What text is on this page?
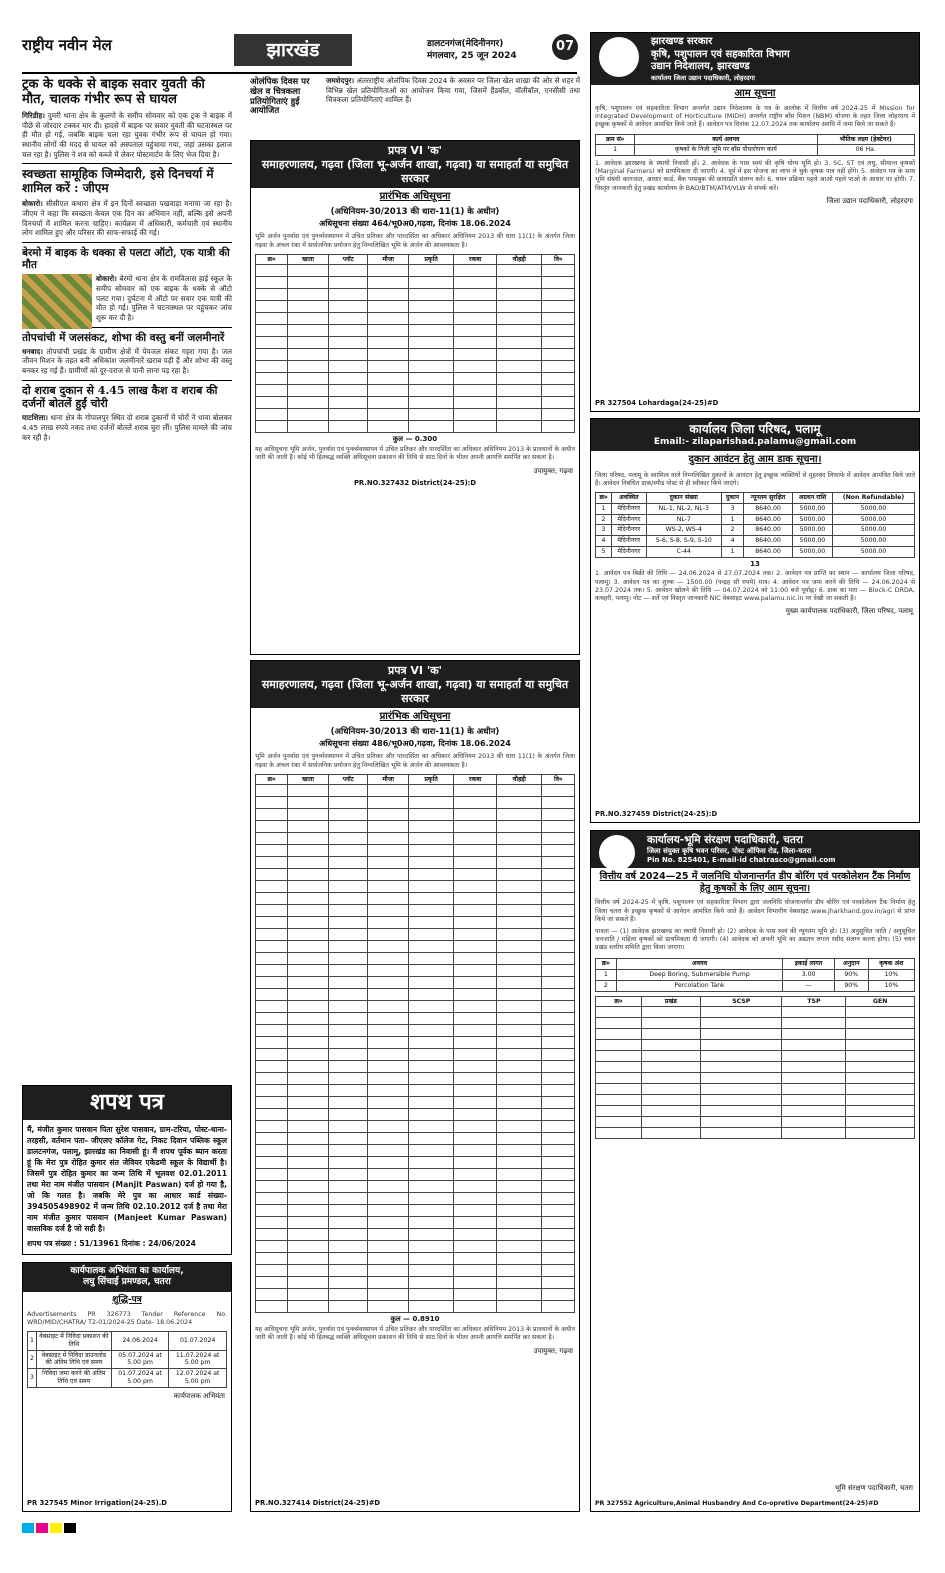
राष्ट्रीय नवीन मेल	झारखंड	डालटनगंज(मेदिनीनगर)
मंगलवार, 25 जून 2024
07
ट्रक के धक्के से बाइक सवार युवती की मौत, चालक गंभीर रूप से घायल
गिरिडीह। दुमरी थाना क्षेत्र के कुलगो के समीप सोमवार को एक ट्रक ने बाइक में पीछे से जोरदार टक्कर मार दी। हादसे में बाइक पर सवार युवती की घटनास्थल पर ही मौत हो गई, जबकि बाइक चला रहा युवक गंभीर रूप से घायल हो गया। स्थानीय लोगों की मदद से घायल को अस्पताल पहुंचाया गया, जहां उसका इलाज चल रहा है। पुलिस ने शव को कब्जे में लेकर पोस्टमार्टम के लिए भेज दिया है।
स्वच्छता सामूहिक जिम्मेदारी, इसे दिनचर्या में शामिल करें : जीएम
बोकारो। सीसीएल कथारा क्षेत्र में इन दिनों स्वच्छता पखवाड़ा मनाया जा रहा है। जीएम ने कहा कि स्वच्छता केवल एक दिन का अभियान नहीं, बल्कि इसे अपनी दिनचर्या में शामिल करना चाहिए। कार्यक्रम में अधिकारी, कर्मचारी एवं स्थानीय लोग शामिल हुए और परिसर की साफ-सफाई की गई।
बेरमो में बाइक के धक्का से पलटा ऑटो, एक यात्री की मौत
बोकारो। बेरमो थाना क्षेत्र के रामविलास हाई स्कूल के समीप सोमवार को एक बाइक के धक्के से ऑटो पलट गया। दुर्घटना में ऑटो पर सवार एक यात्री की मौत हो गई। पुलिस ने घटनास्थल पर पहुंचकर जांच शुरू कर दी है।
तोपचांची में जलसंकट, शोभा की वस्तु बनीं जलमीनारें
धनबाद। तोपचांची प्रखंड के ग्रामीण क्षेत्रों में पेयजल संकट गहरा गया है। जल जीवन मिशन के तहत बनी अधिकांश जलमीनारें खराब पड़ी हैं और शोभा की वस्तु बनकर रह गई हैं। ग्रामीणों को दूर-दराज से पानी लाना पड़ रहा है।
दो शराब दुकान से 4.45 लाख कैश व शराब की दर्जनों बोतलें हुईं चोरी
घाटशिला। थाना क्षेत्र के गोपालपुर स्थित दो शराब दुकानों में चोरों ने धावा बोलकर 4.45 लाख रुपये नकद तथा दर्जनों बोतलें शराब चुरा लीं। पुलिस मामले की जांच कर रही है।
शपथ पत्र
मैं, मंजीत कुमार पासवान पिता सुरेश पासवान, ग्राम-टरिया, पोस्ट-थाना- तरहसी, वर्तमान पता- जीएलए कॉलेज गेट, निकट दिवान पब्लिक स्कूल डालटनगंज, पलामू, झारखंड का निवासी हूं। मैं शपथ पूर्वक ब्यान करता हूं कि मेरा पुत्र रोहित कुमार संत जेवियर एकेडमी स्कूल के विद्यार्थी है। जिसमें पुत्र रोहित कुमार का जन्म तिथि में भूलवश 02.01.2011 तथा मेरा नाम मंजीत पासवान (Manjit Paswan) दर्ज हो गया है, जो कि गलत है। जबकि मेरे पुत्र का आधार कार्ड संख्या- 394505498902 में जन्म तिथि 02.10.2012 दर्ज है तथा मेरा नाम मंजीत कुमार पासवान (Manjeet Kumar Paswan) वास्तविक दर्ज है जो सही है।
शपथ पत्र संख्या : 51/13961 दिनांक : 24/06/2024
कार्यपालक अभियंता का कार्यालय,
लघु सिंचाई प्रमण्डल, चतरा
शुद्धि-पत्र
Advertisements PR 326773 Tender Reference No. WRD/MID/CHATRA/ T2-01/2024-25 Date- 18.06.2024
1	वेबसाइट में निविदा प्रकाशन की तिथि	24.06.2024	01.07.2024
2	वेबसाइट में निविदा डाउनलोड की अंतिम तिथि एवं समय	05.07.2024 at 5.00 pm	11.07.2024 at 5.00 pm
3	निविदा जमा करने की अंतिम तिथि एवं समय	01.07.2024 at 5.00 pm	12.07.2024 at 5.00 pm
कार्यपालक अभियंता
PR 327545 Minor Irrigation(24-25).D
ओलंपिक दिवस पर खेल व चित्रकला प्रतियोगिताएं हुईं आयोजित
जमशेदपुर। अंतरराष्ट्रीय ओलंपिक दिवस 2024 के अवसर पर जिला खेल शाखा की ओर से शहर में विभिन्न खेल प्रतियोगिताओं का आयोजन किया गया, जिसमें हैंडबॉल, वॉलीबॉल, एनसीसी तथा चित्रकला प्रतियोगिताएं शामिल हैं।
प्रपत्र VI 'क'
समाहरणालय, गढ़वा (जिला भू-अर्जन शाखा, गढ़वा) या समाहर्ता या समुचित सरकार
प्रारंभिक अधिसूचना
(अधिनियम-30/2013 की धारा-11(1) के अधीन)
अधिसूचना संख्या 464/भू0अ0,गढ़वा, दिनांक 18.06.2024
भूमि अर्जन पुनर्वास एवं पुनर्व्यवस्थापन में उचित प्रतिकर और पारदर्शिता का अधिकार अधिनियम 2013 की धारा 11(1) के अंतर्गत जिला गढ़वा के अंचल रंका में सार्वजनिक प्रयोजन हेतु निम्नलिखित भूमि के अर्जन की आवश्यकता है।
क्र०	खाता	प्लॉट	मौजा	प्रकृति	रकबा	चौहद्दी	वि०

कुल — 0.300
यह अधिसूचना भूमि अर्जन, पुनर्वास एवं पुनर्व्यवस्थापन में उचित प्रतिकर और पारदर्शिता का अधिकार अधिनियम 2013 के प्रावधानों के अधीन जारी की जाती है। कोई भी हितबद्ध व्यक्ति अधिसूचना प्रकाशन की तिथि से साठ दिनों के भीतर अपनी आपत्ति समर्पित कर सकता है।
उपायुक्त, गढ़वा
PR.NO.327432 District(24-25):D
प्रपत्र VI 'क'
समाहरणालय, गढ़वा (जिला भू-अर्जन शाखा, गढ़वा) या समाहर्ता या समुचित सरकार
प्रारंभिक अधिसूचना
(अधिनियम-30/2013 की धारा-11(1) के अधीन)
अधिसूचना संख्या 486/भू0अ0,गढ़वा, दिनांक 18.06.2024
भूमि अर्जन पुनर्वास एवं पुनर्व्यवस्थापन में उचित प्रतिकर और पारदर्शिता का अधिकार अधिनियम 2013 की धारा 11(1) के अंतर्गत जिला गढ़वा के अंचल रंका में सार्वजनिक प्रयोजन हेतु निम्नलिखित भूमि के अर्जन की आवश्यकता है।
क्र०	खाता	प्लॉट	मौजा	प्रकृति	रकबा	चौहद्दी	वि०

कुल — 0.8910
यह अधिसूचना भूमि अर्जन, पुनर्वास एवं पुनर्व्यवस्थापन में उचित प्रतिकर और पारदर्शिता का अधिकार अधिनियम 2013 के प्रावधानों के अधीन जारी की जाती है। कोई भी हितबद्ध व्यक्ति अधिसूचना प्रकाशन की तिथि से साठ दिनों के भीतर अपनी आपत्ति समर्पित कर सकता है।
उपायुक्त, गढ़वा
PR.NO.327414 District(24-25)#D
झारखण्ड सरकार
कृषि, पशुपालन एवं सहकारिता विभाग
उद्यान निदेशालय, झारखण्ड
कार्यालय जिला उद्यान पदाधिकारी, लोहरदगा
आम सूचना
कृषि, पशुपालन एवं सहकारिता विभाग अन्तर्गत उद्यान निदेशालय के पत्र के आलोक में वित्तीय वर्ष 2024-25 में Mission for Integrated Development of Horticulture (MIDH) अन्तर्गत राष्ट्रीय बाँस मिशन (NBM) योजना के तहत जिला लोहरदगा में इच्छुक कृषकों से आवेदन आमंत्रित किये जाते हैं। आवेदन पत्र दिनांक 12.07.2024 तक कार्यालय अवधि में जमा किये जा सकते हैं।
क्रम सं०	कार्य अवयव	भौतिक लक्ष्य (हेक्टेयर)
1	कृषकों के निजी भूमि पर बाँस पौधारोपण कार्य	06 Ha.
1. आवेदक झारखण्ड के स्थायी निवासी हों। 2. आवेदक के पास स्वयं की कृषि योग्य भूमि हो। 3. SC, ST एवं लघु, सीमान्त कृषकों (Marginal Farmers) को प्राथमिकता दी जाएगी। 4. पूर्व में इस योजना का लाभ ले चुके कृषक पात्र नहीं होंगे। 5. आवेदन पत्र के साथ भूमि संबंधी कागजात, आधार कार्ड, बैंक पासबुक की छायाप्रति संलग्न करें। 6. चयन प्रक्रिया पहले आओ पहले पाओ के आधार पर होगी। 7. विस्तृत जानकारी हेतु प्रखंड कार्यालय के BAO/BTM/ATM/VLW से संपर्क करें।
जिला उद्यान पदाधिकारी, लोहरदगा
PR 327504 Lohardaga(24-25)#D
कार्यालय जिला परिषद, पलामू
Email:- zilaparishad.palamu@gmail.com
दुकान आवंटन हेतु आम डाक सूचना।
जिला परिषद, पलामू के स्वामित्व वाले निम्नलिखित दुकानों के आवंटन हेतु इच्छुक व्यक्तियों से मुहरबंद लिफाफे में आवेदन आमंत्रित किये जाते हैं। आवेदन निबंधित डाक/स्पीड पोस्ट से ही स्वीकार किये जाएंगे।
क्र०	अवस्थित	दुकान संख्या	दुकान	न्यूनतम सुरक्षित	अग्रधन राशि	(Non Refundable)
1	मेदिनीनगर	NL-1, NL-2, NL-3	3	8640.00	5000.00	5000.00
2	मेदिनीनगर	NL-7	1	8640.00	5000.00	5000.00
3	मेदिनीनगर	WS-2, WS-4	2	8640.00	5000.00	5000.00
4	मेदिनीनगर	S-6, S-8, S-9, S-10	4	8640.00	5000.00	5000.00
5	मेदिनीनगर	C-44	1	8640.00	5000.00	5000.00
13
1. आवेदन पत्र बिक्री की तिथि — 24.06.2024 से 27.07.2024 तक। 2. आवेदन पत्र प्राप्ति का स्थान — कार्यालय जिला परिषद, पलामू। 3. आवेदन पत्र का शुल्क — 1500.00 (पन्द्रह सौ रुपये) मात्र। 4. आवेदन पत्र जमा करने की तिथि — 24.06.2024 से 23.07.2024 तक। 5. आवेदन खोलने की तिथि — 04.07.2024 को 11:00 बजे पूर्वाह्न। 6. डाक का पता — Block-C DRDA, कचहरी, पलामू। नोट — शर्तें एवं विस्तृत जानकारी NIC वेबसाइट www.palamu.nic.in पर देखी जा सकती है।
मुख्य कार्यपालक पदाधिकारी, जिला परिषद, पलामू
PR.NO.327459 District(24-25):D
कार्यालय-भूमि संरक्षण पदाधिकारी, चतरा
जिला संयुक्त कृषि भवन परिसर, पोस्ट ऑफिस रोड, जिला-चतरा
Pin No. 825401, E-mail-id chatrasco@gmail.com
वित्तीय वर्ष 2024—25 में जलनिधि योजनान्तर्गत डीप बोरिंग एवं परकोलेशन टैंक निर्माण हेतु कृषकों के लिए आम सूचना।
वित्तीय वर्ष 2024-25 में कृषि, पशुपालन एवं सहकारिता विभाग द्वारा जलनिधि योजनान्तर्गत डीप बोरिंग एवं परकोलेशन टैंक निर्माण हेतु जिला चतरा के इच्छुक कृषकों से आवेदन आमंत्रित किये जाते हैं। आवेदन विभागीय वेबसाइट www.jharkhand.gov.in/agri से प्राप्त किये जा सकते हैं।
पात्रता — (1) आवेदक झारखण्ड का स्थायी निवासी हो। (2) आवेदक के पास स्वयं की न्यूनतम भूमि हो। (3) अनुसूचित जाति / अनुसूचित जनजाति / महिला कृषकों को प्राथमिकता दी जाएगी। (4) आवेदक को अपनी भूमि का अद्यतन लगान रसीद संलग्न करना होगा। (5) चयन प्रखंड स्तरीय समिति द्वारा किया जाएगा।
क्र०	अवयव	इकाई लागत	अनुदान	कृषक अंश
1	Deep Boring, Submersible Pump	3.00	90%	10%
2	Percolation Tank	—	90%	10%
क्र०	प्रखंड	SCSP	TSP	GEN

भूमि संरक्षण पदाधिकारी, चतरा
PR 327552 Agriculture,Animal Husbandry And Co-opretive Department(24-25)#D
